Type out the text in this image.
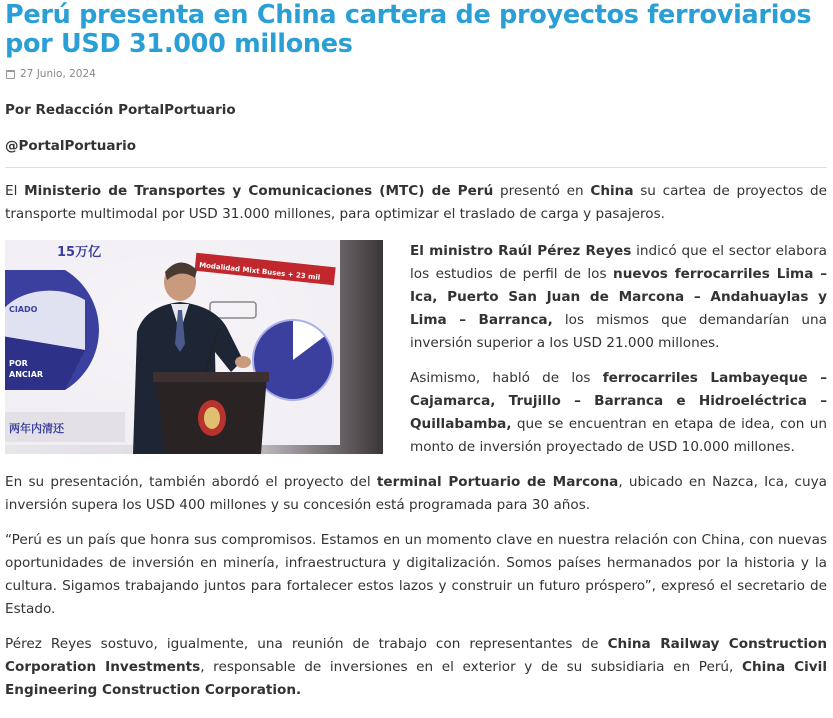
Perú presenta en China cartera de proyectos ferroviarios por USD 31.000 millones
27 Junio, 2024
Por Redacción PortalPortuario
@PortalPortuario

El Ministerio de Transportes y Comunicaciones (MTC) de Perú presentó en China su cartea de proyectos de transporte multimodal por USD 31.000 millones, para optimizar el traslado de carga y pasajeros.

15万亿
CIADO
POR
ANCIAR
Modalidad Mixt Buses + 23 mil
两年内清还

El ministro Raúl Pérez Reyes indicó que el sector elabora los estudios de perfil de los nuevos ferrocarriles Lima – Ica, Puerto San Juan de Marcona – Andahuaylas y Lima – Barranca, los mismos que demandarían una inversión superior a los USD 21.000 millones.

Asimismo, habló de los ferrocarriles Lambayeque – Cajamarca, Trujillo – Barranca e Hidroeléctrica – Quillabamba, que se encuentran en etapa de idea, con un monto de inversión proyectado de USD 10.000 millones.

En su presentación, también abordó el proyecto del terminal Portuario de Marcona, ubicado en Nazca, Ica, cuya inversión supera los USD 400 millones y su concesión está programada para 30 años.

“Perú es un país que honra sus compromisos. Estamos en un momento clave en nuestra relación con China, con nuevas oportunidades de inversión en minería, infraestructura y digitalización. Somos países hermanados por la historia y la cultura. Sigamos trabajando juntos para fortalecer estos lazos y construir un futuro próspero”, expresó el secretario de Estado.

Pérez Reyes sostuvo, igualmente, una reunión de trabajo con representantes de China Railway Construction Corporation Investments, responsable de inversiones en el exterior y de su subsidiaria en Perú, China Civil Engineering Construction Corporation.
